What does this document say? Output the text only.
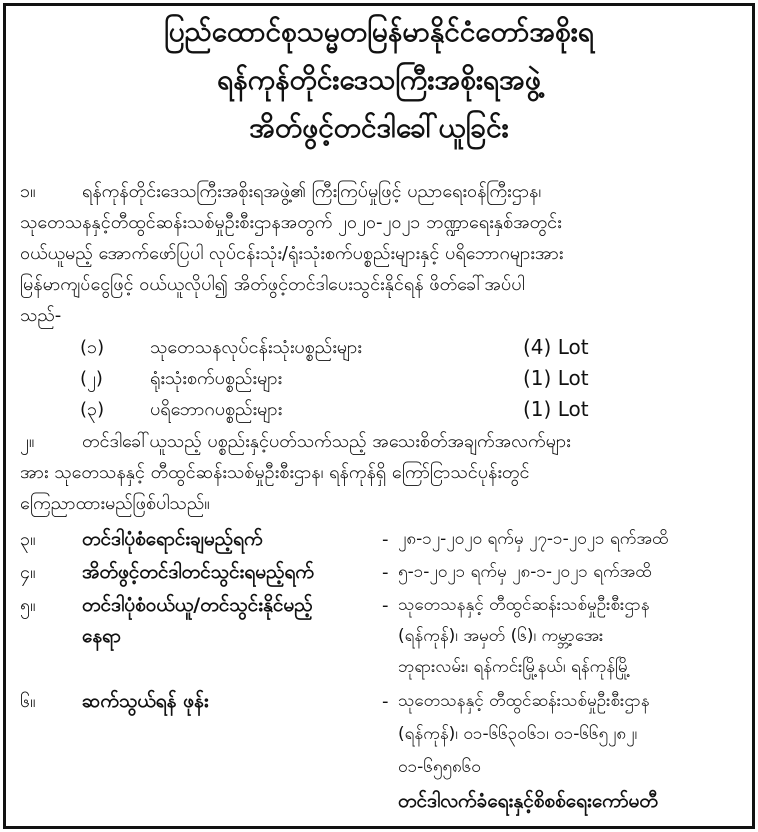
ပြည်ထောင်စုသမ္မတမြန်မာနိုင်ငံတော်အစိုးရ
ရန်ကုန်တိုင်းဒေသကြီးအစိုးရအဖွဲ့
အိတ်ဖွင့်တင်ဒါခေါ်ယူခြင်း
၁။	ရန်ကုန်တိုင်းဒေသကြီးအစိုးရအဖွဲ့၏ ကြီးကြပ်မှုဖြင့် ပညာရေးဝန်ကြီးဌာန၊
သုတေသနနှင့်တီထွင်ဆန်းသစ်မှုဦးစီးဌာနအတွက် ၂၀၂၀-၂၀၂၁ ဘဏ္ဍာရေးနှစ်အတွင်း
ဝယ်ယူမည့် အောက်ဖော်ပြပါ လုပ်ငန်းသုံး/ရုံးသုံးစက်ပစ္စည်းများနှင့် ပရိဘောဂများအား
မြန်မာကျပ်ငွေဖြင့် ဝယ်ယူလိုပါ၍ အိတ်ဖွင့်တင်ဒါပေးသွင်းနိုင်ရန် ဖိတ်ခေါ်အပ်ပါ
သည်-
(၁)	သုတေသနလုပ်ငန်းသုံးပစ္စည်းများ	(4) Lot
(၂)	ရုံးသုံးစက်ပစ္စည်းများ	(1) Lot
(၃)	ပရိဘောဂပစ္စည်းများ	(1) Lot
၂။	တင်ဒါခေါ်ယူသည့် ပစ္စည်းနှင့်ပတ်သက်သည့် အသေးစိတ်အချက်အလက်များ
အား သုတေသနနှင့် တီထွင်ဆန်းသစ်မှုဦးစီးဌာန၊ ရန်ကုန်ရှိ ကြော်ငြာသင်ပုန်းတွင်
ကြေညာထားမည်ဖြစ်ပါသည်။
၃။ တင်ဒါပုံစံရောင်းချမည့်ရက်	- ၂၈-၁၂-၂၀၂၀ ရက်မှ ၂၇-၁-၂၀၂၁ ရက်အထိ
၄။ အိတ်ဖွင့်တင်ဒါတင်သွင်းရမည့်ရက်	- ၅-၁-၂၀၂၁ ရက်မှ ၂၈-၁-၂၀၂၁ ရက်အထိ
၅။ တင်ဒါပုံစံဝယ်ယူ/တင်သွင်းနိုင်မည့်
နေရာ
- သုတေသနနှင့် တီထွင်ဆန်းသစ်မှုဦးစီးဌာန
(ရန်ကုန်)၊ အမှတ် (၆)၊ ကမ္ဘာ့အေး
ဘုရားလမ်း၊ ရန်ကင်းမြို့နယ်၊ ရန်ကုန်မြို့
၆။ ဆက်သွယ်ရန် ဖုန်း	- သုတေသနနှင့် တီထွင်ဆန်းသစ်မှုဦးစီးဌာန
(ရန်ကုန်)၊ ၀၁-၆၆၃၀၆၁၊ ၀၁-၆၆၅၂၈၂၊
၀၁-၆၅၅၈၆၀
တင်ဒါလက်ခံရေးနှင့်စိစစ်ရေးကော်မတီ
